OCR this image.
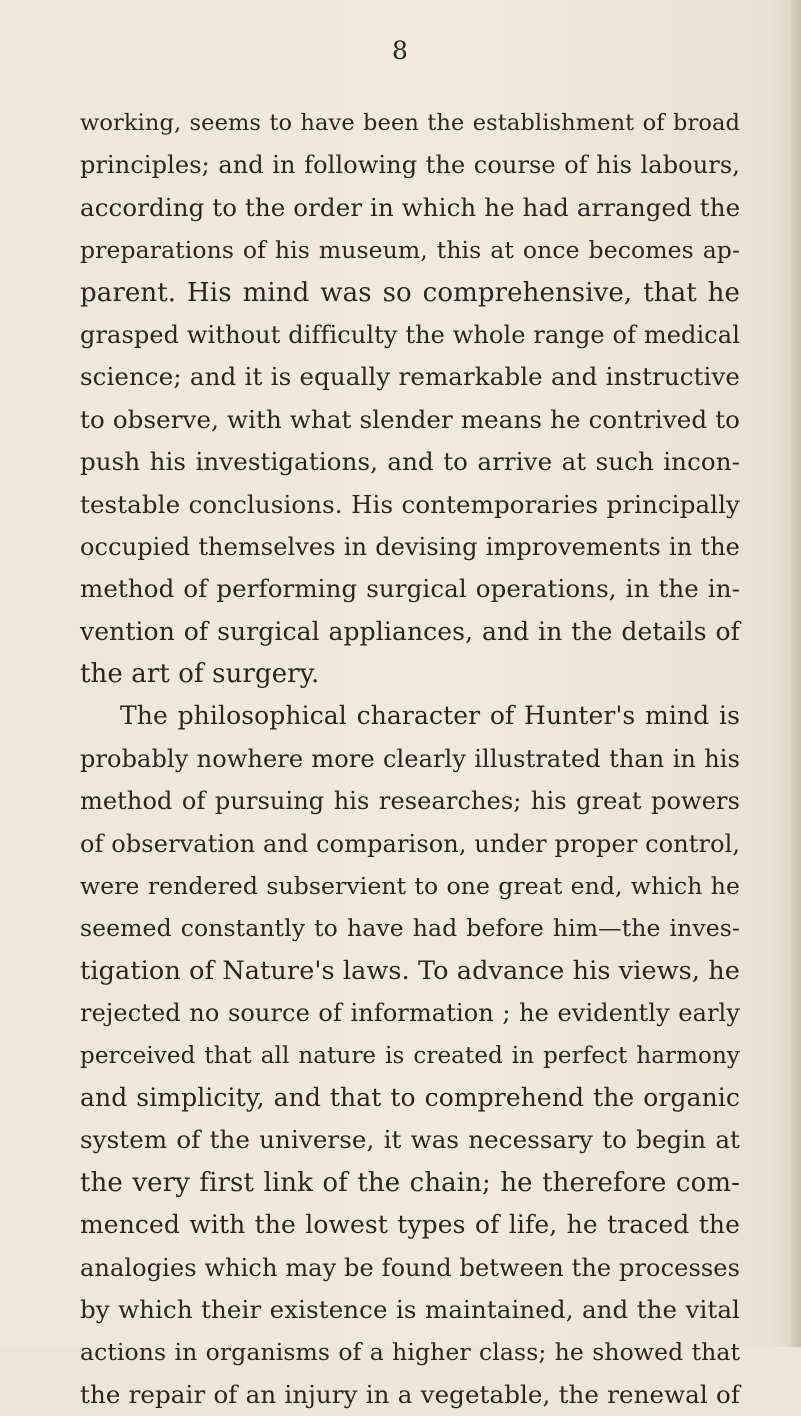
8
working, seems to have been the establishment of broad
principles; and in following the course of his labours,
according to the order in which he had arranged the
preparations of his museum, this at once becomes ap-
parent. His mind was so comprehensive, that he
grasped without difficulty the whole range of medical
science; and it is equally remarkable and instructive
to observe, with what slender means he contrived to
push his investigations, and to arrive at such incon-
testable conclusions. His contemporaries principally
occupied themselves in devising improvements in the
method of performing surgical operations, in the in-
vention of surgical appliances, and in the details of
the art of surgery.
The philosophical character of Hunter's mind is
probably nowhere more clearly illustrated than in his
method of pursuing his researches; his great powers
of observation and comparison, under proper control,
were rendered subservient to one great end, which he
seemed constantly to have had before him—the inves-
tigation of Nature's laws. To advance his views, he
rejected no source of information ; he evidently early
perceived that all nature is created in perfect harmony
and simplicity, and that to comprehend the organic
system of the universe, it was necessary to begin at
the very first link of the chain; he therefore com-
menced with the lowest types of life, he traced the
analogies which may be found between the processes
by which their existence is maintained, and the vital
actions in organisms of a higher class; he showed that
the repair of an injury in a vegetable, the renewal of
